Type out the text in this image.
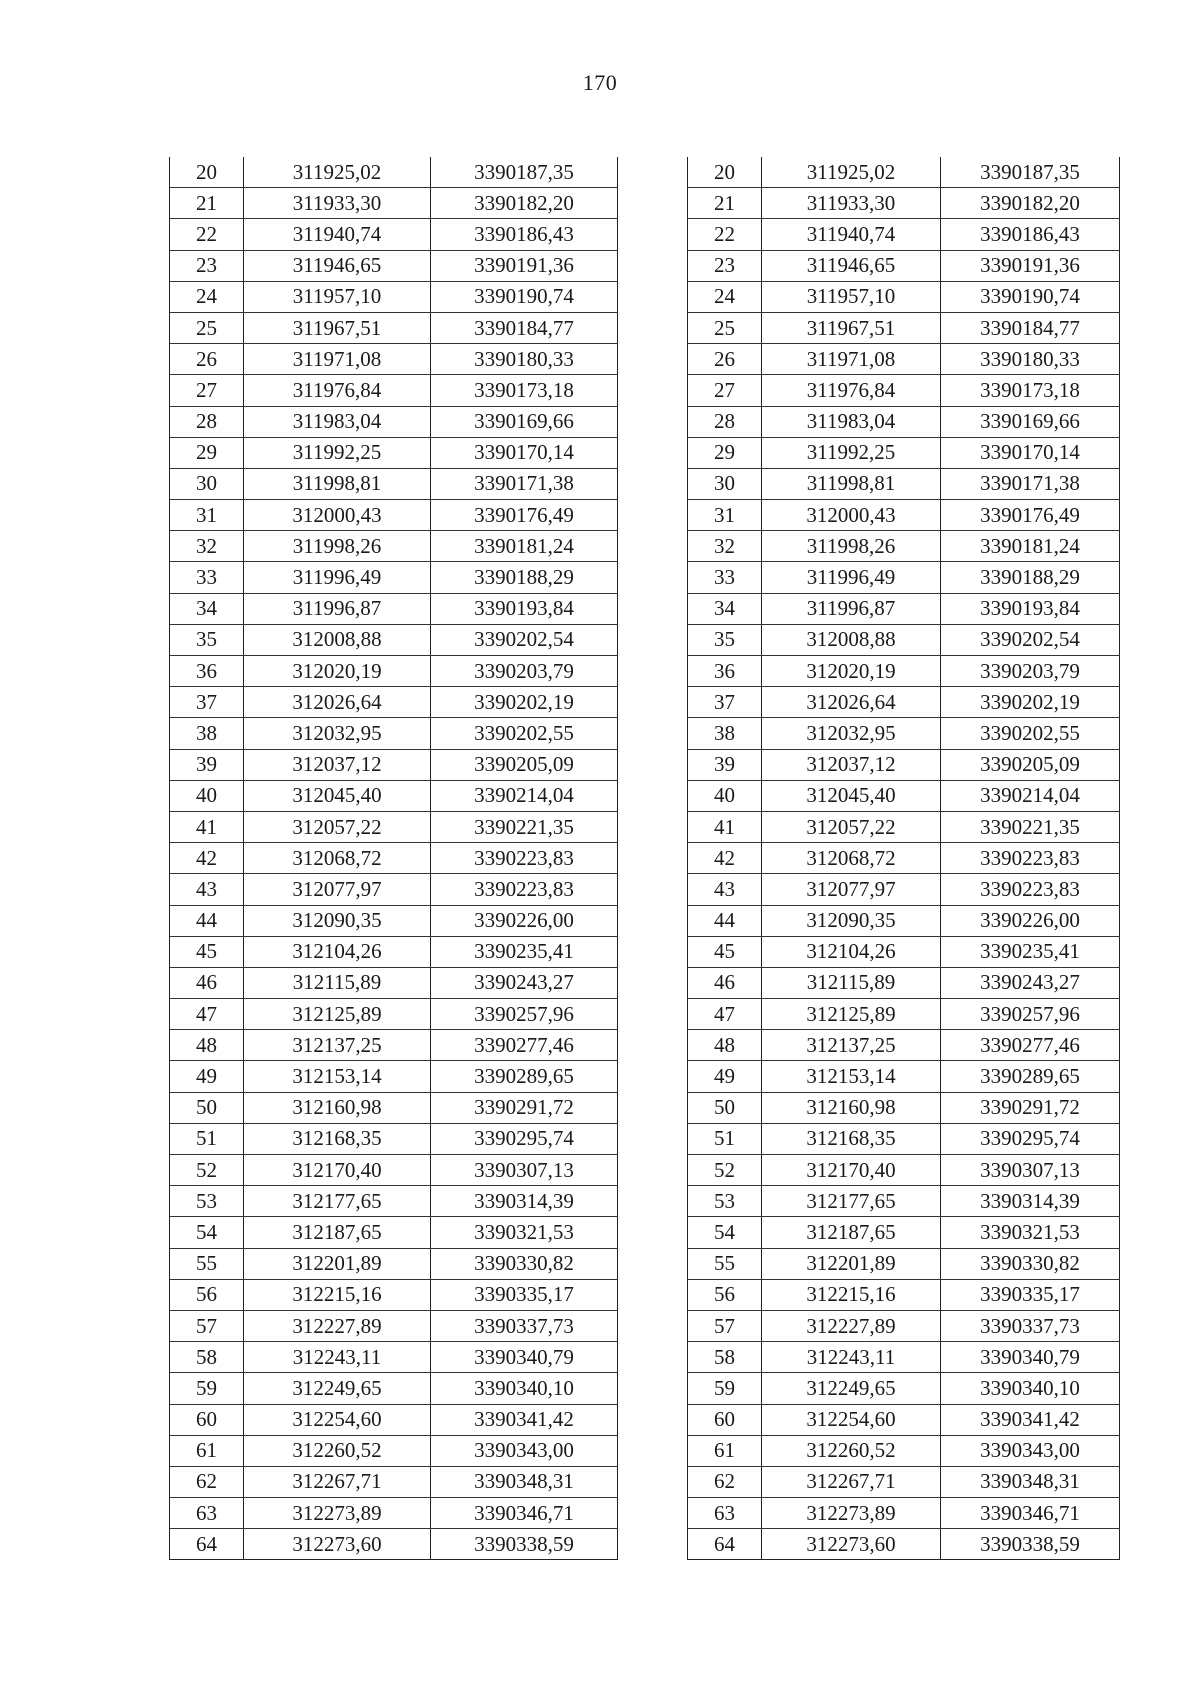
170
20	311925,02	3390187,35
21	311933,30	3390182,20
22	311940,74	3390186,43
23	311946,65	3390191,36
24	311957,10	3390190,74
25	311967,51	3390184,77
26	311971,08	3390180,33
27	311976,84	3390173,18
28	311983,04	3390169,66
29	311992,25	3390170,14
30	311998,81	3390171,38
31	312000,43	3390176,49
32	311998,26	3390181,24
33	311996,49	3390188,29
34	311996,87	3390193,84
35	312008,88	3390202,54
36	312020,19	3390203,79
37	312026,64	3390202,19
38	312032,95	3390202,55
39	312037,12	3390205,09
40	312045,40	3390214,04
41	312057,22	3390221,35
42	312068,72	3390223,83
43	312077,97	3390223,83
44	312090,35	3390226,00
45	312104,26	3390235,41
46	312115,89	3390243,27
47	312125,89	3390257,96
48	312137,25	3390277,46
49	312153,14	3390289,65
50	312160,98	3390291,72
51	312168,35	3390295,74
52	312170,40	3390307,13
53	312177,65	3390314,39
54	312187,65	3390321,53
55	312201,89	3390330,82
56	312215,16	3390335,17
57	312227,89	3390337,73
58	312243,11	3390340,79
59	312249,65	3390340,10
60	312254,60	3390341,42
61	312260,52	3390343,00
62	312267,71	3390348,31
63	312273,89	3390346,71
64	312273,60	3390338,59
20	311925,02	3390187,35
21	311933,30	3390182,20
22	311940,74	3390186,43
23	311946,65	3390191,36
24	311957,10	3390190,74
25	311967,51	3390184,77
26	311971,08	3390180,33
27	311976,84	3390173,18
28	311983,04	3390169,66
29	311992,25	3390170,14
30	311998,81	3390171,38
31	312000,43	3390176,49
32	311998,26	3390181,24
33	311996,49	3390188,29
34	311996,87	3390193,84
35	312008,88	3390202,54
36	312020,19	3390203,79
37	312026,64	3390202,19
38	312032,95	3390202,55
39	312037,12	3390205,09
40	312045,40	3390214,04
41	312057,22	3390221,35
42	312068,72	3390223,83
43	312077,97	3390223,83
44	312090,35	3390226,00
45	312104,26	3390235,41
46	312115,89	3390243,27
47	312125,89	3390257,96
48	312137,25	3390277,46
49	312153,14	3390289,65
50	312160,98	3390291,72
51	312168,35	3390295,74
52	312170,40	3390307,13
53	312177,65	3390314,39
54	312187,65	3390321,53
55	312201,89	3390330,82
56	312215,16	3390335,17
57	312227,89	3390337,73
58	312243,11	3390340,79
59	312249,65	3390340,10
60	312254,60	3390341,42
61	312260,52	3390343,00
62	312267,71	3390348,31
63	312273,89	3390346,71
64	312273,60	3390338,59
